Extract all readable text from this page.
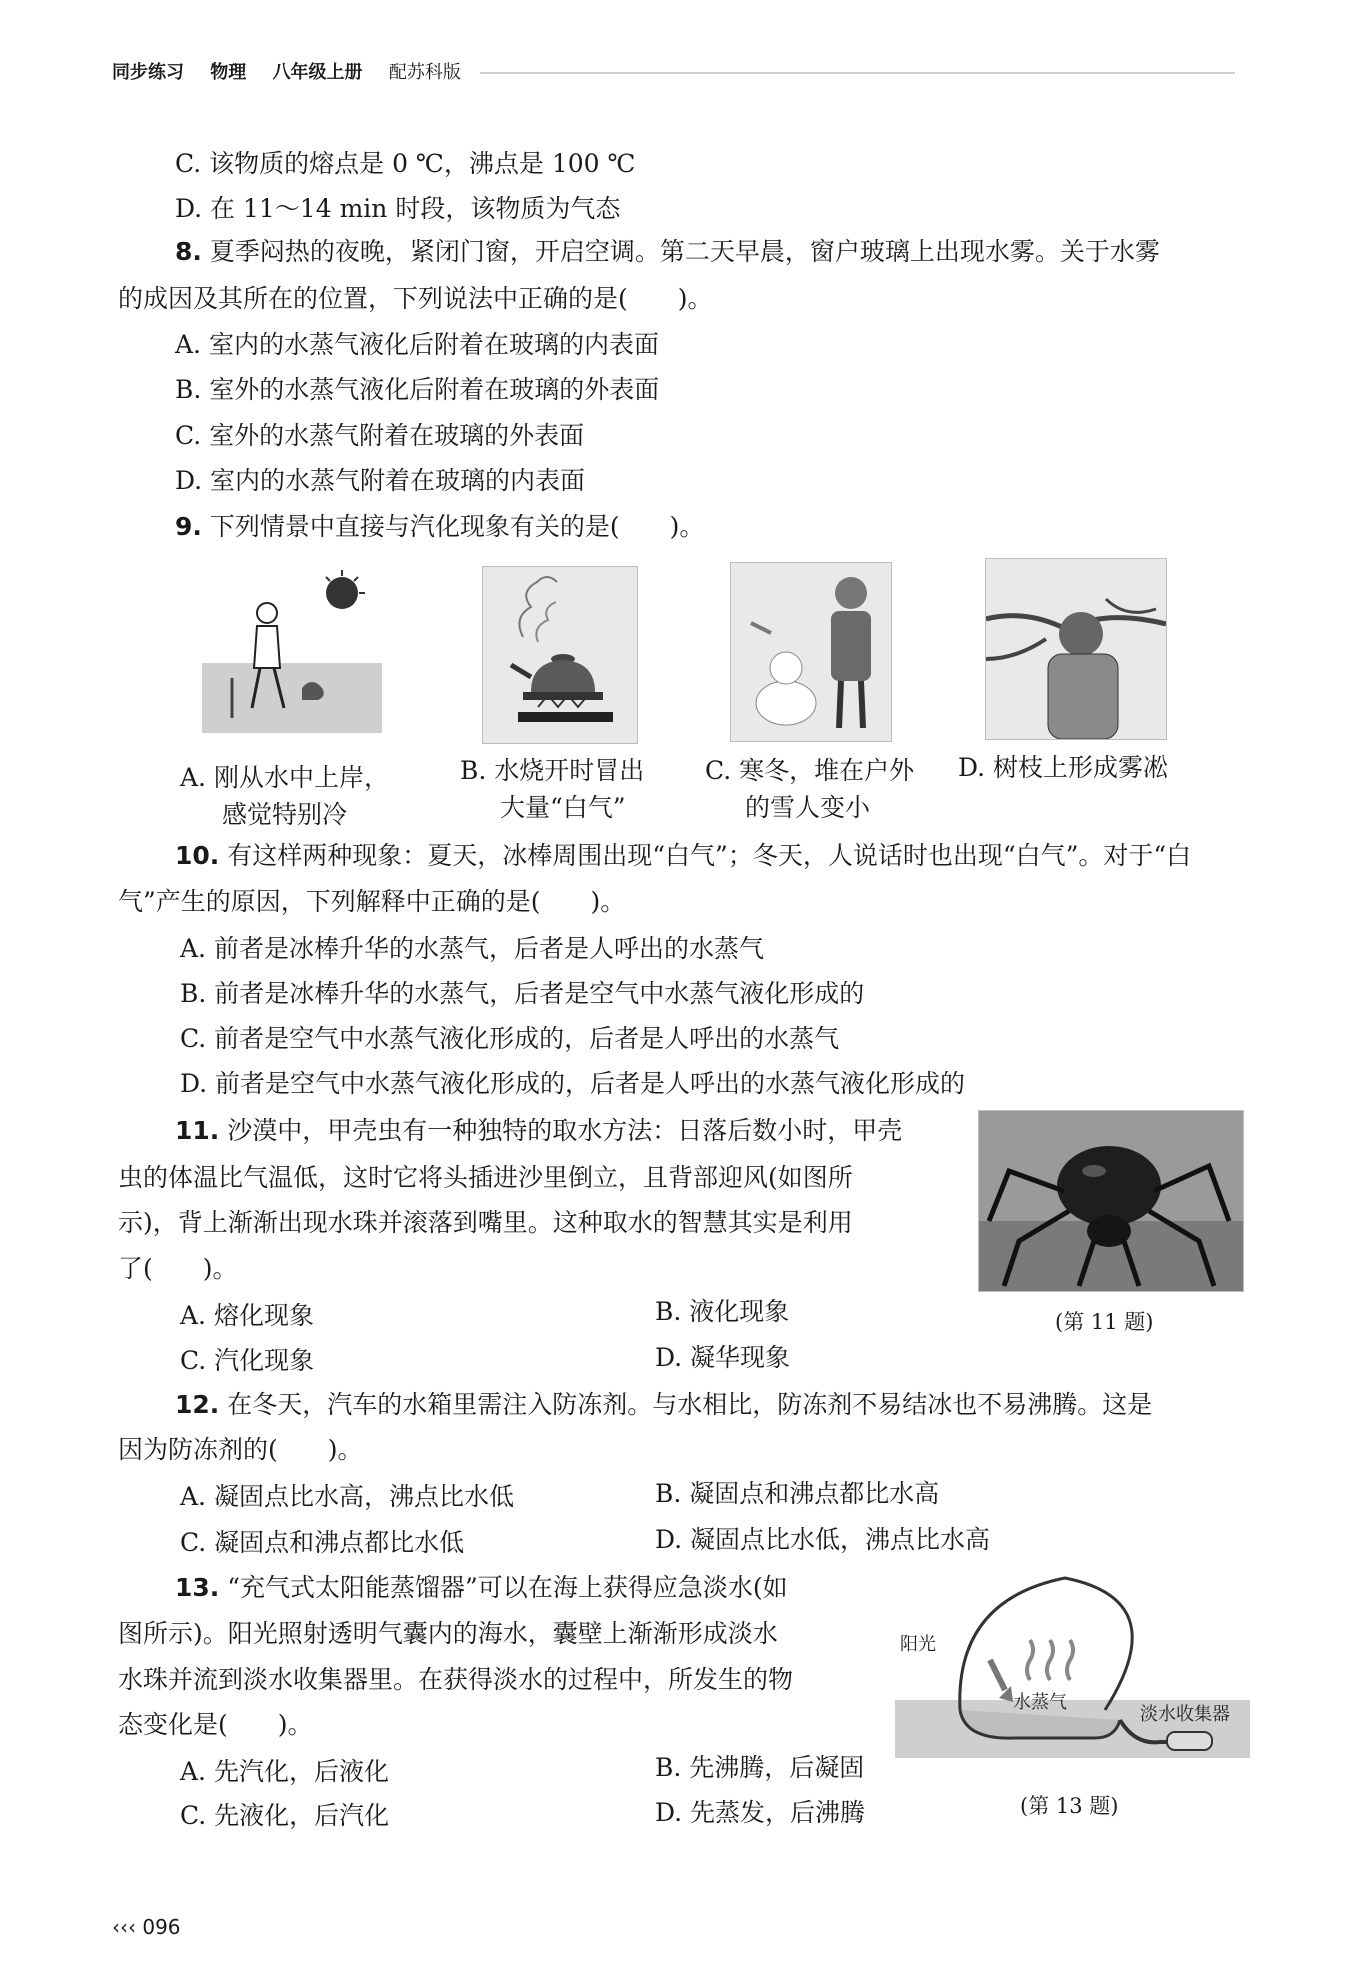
同步练习 物理 八年级上册 配苏科版
C. 该物质的熔点是 0 ℃，沸点是 100 ℃
D. 在 11～14 min 时段，该物质为气态
8. 夏季闷热的夜晚，紧闭门窗，开启空调。第二天早晨，窗户玻璃上出现水雾。关于水雾
的成因及其所在的位置，下列说法中正确的是(　　)。
A. 室内的水蒸气液化后附着在玻璃的内表面
B. 室外的水蒸气液化后附着在玻璃的外表面
C. 室外的水蒸气附着在玻璃的外表面
D. 室内的水蒸气附着在玻璃的内表面
9. 下列情景中直接与汽化现象有关的是(　　)。
A. 刚从水中上岸，
感觉特别冷
B. 水烧开时冒出
大量“白气”
C. 寒冬，堆在户外
的雪人变小
D. 树枝上形成雾凇
10. 有这样两种现象：夏天，冰棒周围出现“白气”；冬天，人说话时也出现“白气”。对于“白
气”产生的原因，下列解释中正确的是(　　)。
A. 前者是冰棒升华的水蒸气，后者是人呼出的水蒸气
B. 前者是冰棒升华的水蒸气，后者是空气中水蒸气液化形成的
C. 前者是空气中水蒸气液化形成的，后者是人呼出的水蒸气
D. 前者是空气中水蒸气液化形成的，后者是人呼出的水蒸气液化形成的
11. 沙漠中，甲壳虫有一种独特的取水方法：日落后数小时，甲壳
虫的体温比气温低，这时它将头插进沙里倒立，且背部迎风(如图所
示)，背上渐渐出现水珠并滚落到嘴里。这种取水的智慧其实是利用
了(　　)。
A. 熔化现象	B. 液化现象
C. 汽化现象	D. 凝华现象
(第 11 题)
12. 在冬天，汽车的水箱里需注入防冻剂。与水相比，防冻剂不易结冰也不易沸腾。这是
因为防冻剂的(　　)。
A. 凝固点比水高，沸点比水低	B. 凝固点和沸点都比水高
C. 凝固点和沸点都比水低	D. 凝固点比水低，沸点比水高
13. “充气式太阳能蒸馏器”可以在海上获得应急淡水(如
图所示)。阳光照射透明气囊内的海水，囊壁上渐渐形成淡水
水珠并流到淡水收集器里。在获得淡水的过程中，所发生的物
态变化是(　　)。
A. 先汽化，后液化	B. 先沸腾，后凝固
C. 先液化，后汽化	D. 先蒸发，后沸腾
阳光
水蒸气
淡水收集器
(第 13 题)
‹‹‹ 096
